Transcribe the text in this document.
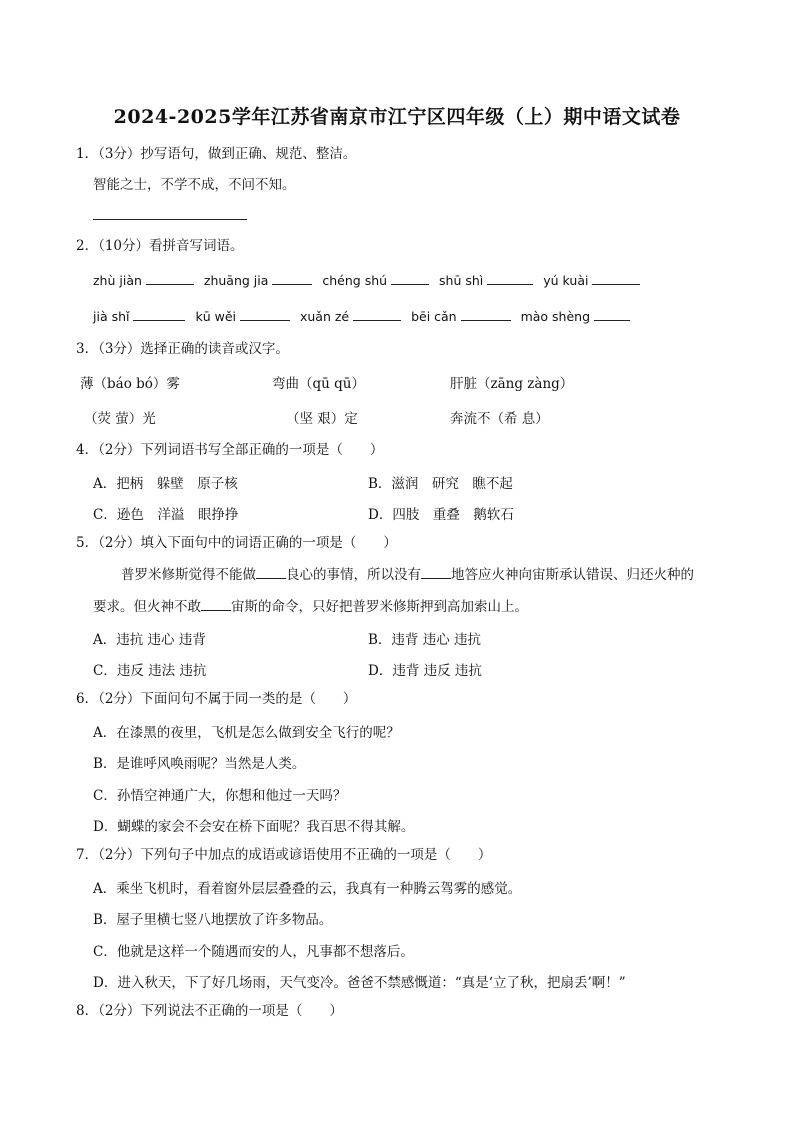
2024-2025学年江苏省南京市江宁区四年级（上）期中语文试卷
1．（3分）抄写语句，做到正确、规范、整洁。
智能之士，不学不成，不问不知。
2．（10分）看拼音写词语。
zhù jiàn	zhuāng jia	chéng shú	shū shì	yú kuài
jià shǐ	kū wěi	xuǎn zé	bēi cǎn	mào shèng
3．（3分）选择正确的读音或汉字。
薄（báo bó）雾	弯曲（qū qū）	肝脏（zāng zàng）
（荧 萤）光	（坚 艰）定	奔流不（希 息）
4．（2分）下列词语书写全部正确的一项是（　　）
A．把柄　躲壁　原子核	B．滋润　研究　瞧不起
C．逊色　洋溢　眼挣挣	D．四肢　重叠　鹅软石
5．（2分）填入下面句中的词语正确的一项是（　　）
普罗米修斯觉得不能做 良心的事情，所以没有 地答应火神向宙斯承认错误、归还火种的
要求。但火神不敢 宙斯的命令，只好把普罗米修斯押到高加索山上。
A．违抗 违心 违背	B．违背 违心 违抗
C．违反 违法 违抗	D．违背 违反 违抗
6．（2分）下面问句不属于同一类的是（　　）
A．在漆黑的夜里，飞机是怎么做到安全飞行的呢？
B．是谁呼风唤雨呢？当然是人类。
C．孙悟空神通广大，你想和他过一天吗？
D．蝴蝶的家会不会安在桥下面呢？我百思不得其解。
7．（2分）下列句子中加点的成语或谚语使用不正确的一项是（　　）
A．乘坐飞机时，看着窗外层层叠叠的云，我真有一种腾云驾雾的感觉。
B．屋子里横七竖八地摆放了许多物品。
C．他就是这样一个随遇而安的人，凡事都不想落后。
D．进入秋天，下了好几场雨，天气变冷。爸爸不禁感慨道：“真是‘立了秋，把扇丢’啊！”
8．（2分）下列说法不正确的一项是（　　）
